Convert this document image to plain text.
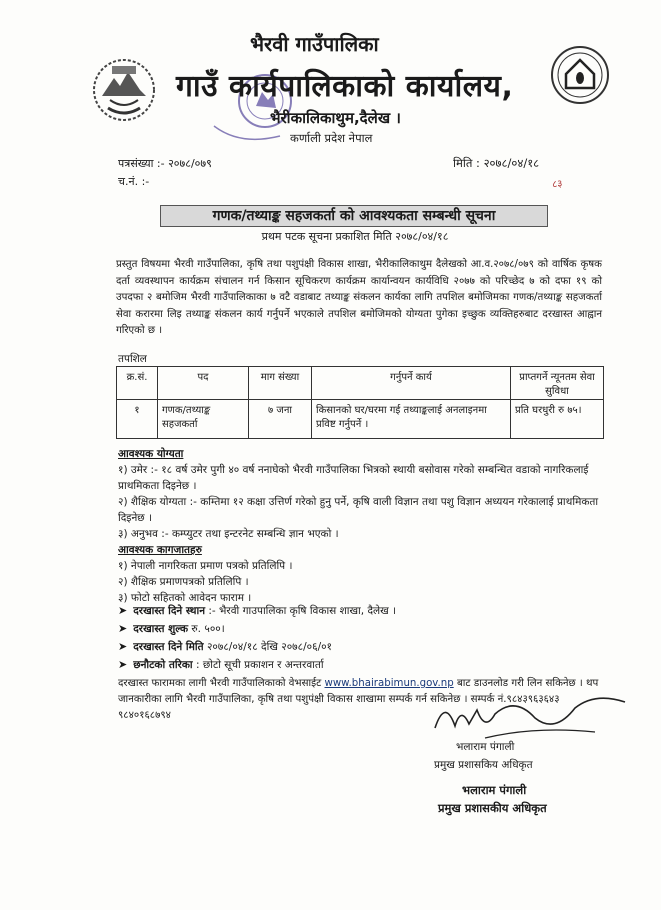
भैरवी गाउँपालिका
गाउँ कार्यपालिकाको कार्यालय,
भैरीकालिकाथुम,दैलेख ।
कर्णाली प्रदेश नेपाल
पत्रसंख्या :- २०७८/०७९
च.नं. :-
मिति : २०७८/०४/१८
८३
गणक/तथ्याङ्क सहजकर्ता को आवश्यकता सम्बन्धी सूचना
प्रथम पटक सूचना प्रकाशित मिति २०७८/०४/१८
प्रस्तुत विषयमा भैरवी गाउँपालिका, कृषि तथा पशुपंक्षी विकास शाखा, भैरीकालिकाथुम दैलेखको आ.व.२०७८/०७९ को वार्षिक कृषक दर्ता व्यवस्थापन कार्यक्रम संचालन गर्न किसान सूचिकरण कार्यक्रम कार्यान्वयन कार्यविधि २०७७ को परिच्छेद ७ को दफा १९ को उपदफा २ बमोजिम भैरवी गाउँपालिकाका ७ वटै वडाबाट तथ्याङ्क संकलन कार्यका लागि तपशिल बमोजिमका गणक/तथ्याङ्क सहजकर्ता सेवा करारमा लिइ तथ्याङ्क संकलन कार्य गर्नुपर्ने भएकाले तपशिल बमोजिमको योग्यता पुगेका इच्छुक व्यक्तिहरुबाट दरखास्त आह्वान गरिएको छ ।
तपशिल
क्र.सं.	पद	माग संख्या	गर्नुपर्ने कार्य	प्राप्तगर्ने न्यूनतम सेवा सुविधा
१	गणक/तथ्याङ्क सहजकर्ता	७ जना	किसानको घर/घरमा गई तथ्याङ्कलाई अनलाइनमा प्रविष्ट गर्नुपर्ने ।	प्रति घरधुरी रु ७५।
आवश्यक योग्यता
१) उमेर :- १८ वर्ष उमेर पुगी ४० वर्ष ननाघेको भैरवी गाउँपालिका भित्रको स्थायी बसोवास गरेको सम्बन्धित वडाको नागरिकलाई प्राथमिकता दिइनेछ ।
२) शैक्षिक योग्यता :- कम्तिमा १२ कक्षा उत्तिर्ण गरेको हुनु पर्ने, कृषि वाली विज्ञान तथा पशु विज्ञान अध्ययन गरेकालाई प्राथमिकता दिइनेछ ।
३) अनुभव :- कम्प्युटर तथा इन्टरनेट सम्बन्धि ज्ञान भएको ।
आवश्यक कागजातहरु
१) नेपाली नागरिकता प्रमाण पत्रको प्रतिलिपि ।
२) शैक्षिक प्रमाणपत्रको प्रतिलिपि ।
३) फोटो सहितको आवेदन फाराम ।
➤ दरखास्त दिने स्थान :- भैरवी गाउपालिका कृषि विकास शाखा, दैलेख ।
➤ दरखास्त शुल्क रु. ५००।
➤ दरखास्त दिने मिति २०७८/०४/१८ देखि २०७८/०६/०१
➤ छनौटको तरिका : छोटो सूची प्रकाशन र अन्तरवार्ता
दरखास्त फारामका लागी भैरवी गाउँपालिकाको वेभसाईट www.bhairabimun.gov.np बाट डाउनलोड गरी लिन सकिनेछ । थप जानकारीका लागि भैरवी गाउँपालिका, कृषि तथा पशुपंक्षी विकास शाखामा सम्पर्क गर्न सकिनेछ । सम्पर्क नं.९८४३९६३६४३ ९८४०१६८७९४
भलाराम पंगाली
प्रमुख प्रशासकिय अधिकृत
भलाराम पंगाली
प्रमुख प्रशासकीय अधिकृत
